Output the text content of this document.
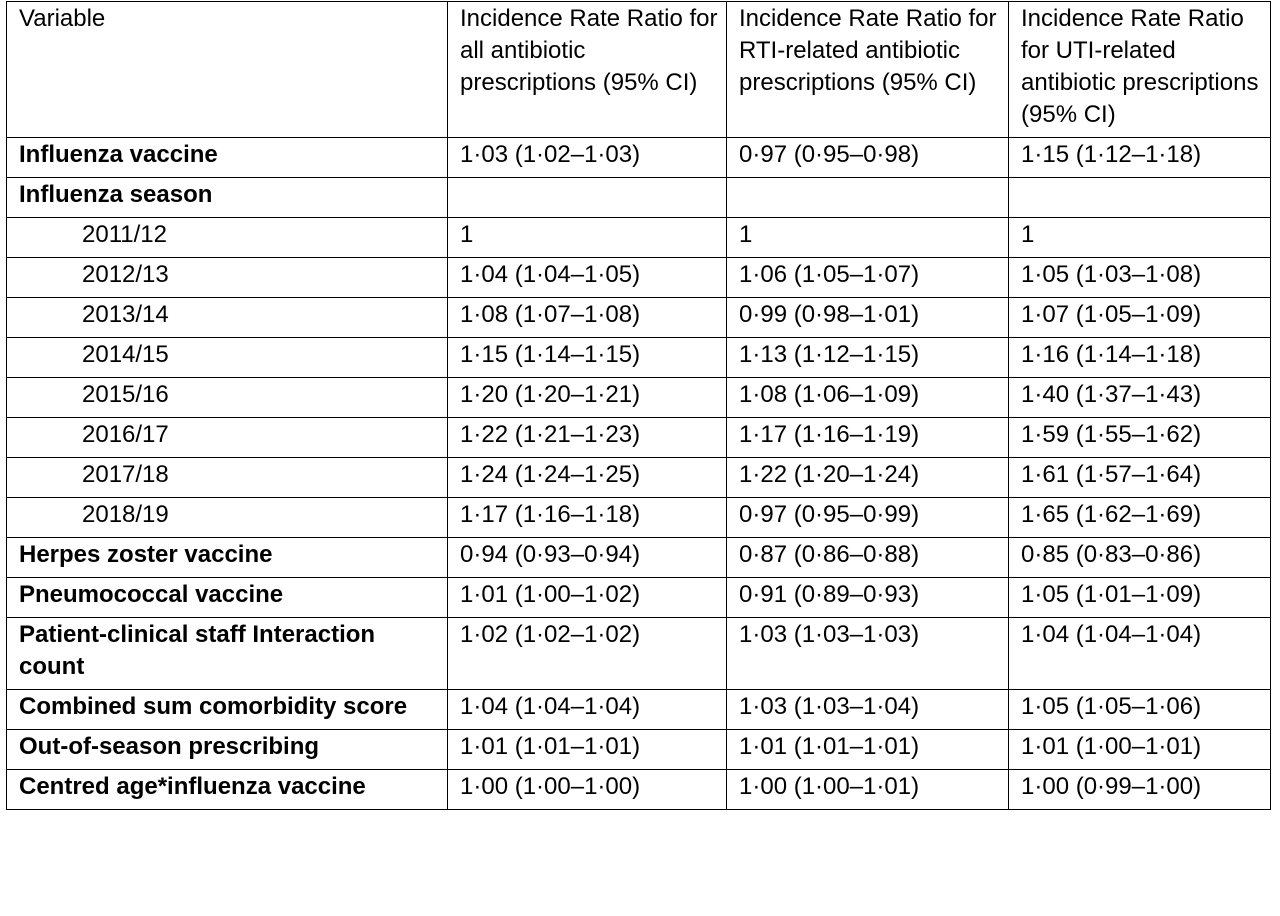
Variable	Incidence Rate Ratio for all antibiotic prescriptions (95% CI)	Incidence Rate Ratio for RTI-related antibiotic prescriptions (95% CI)	Incidence Rate Ratio for UTI-related antibiotic prescriptions (95% CI)
Influenza vaccine	1·03 (1·02–1·03)	0·97 (0·95–0·98)	1·15 (1·12–1·18)
Influenza season			
2011/12	1	1	1
2012/13	1·04 (1·04–1·05)	1·06 (1·05–1·07)	1·05 (1·03–1·08)
2013/14	1·08 (1·07–1·08)	0·99 (0·98–1·01)	1·07 (1·05–1·09)
2014/15	1·15 (1·14–1·15)	1·13 (1·12–1·15)	1·16 (1·14–1·18)
2015/16	1·20 (1·20–1·21)	1·08 (1·06–1·09)	1·40 (1·37–1·43)
2016/17	1·22 (1·21–1·23)	1·17 (1·16–1·19)	1·59 (1·55–1·62)
2017/18	1·24 (1·24–1·25)	1·22 (1·20–1·24)	1·61 (1·57–1·64)
2018/19	1·17 (1·16–1·18)	0·97 (0·95–0·99)	1·65 (1·62–1·69)
Herpes zoster vaccine	0·94 (0·93–0·94)	0·87 (0·86–0·88)	0·85 (0·83–0·86)
Pneumococcal vaccine	1·01 (1·00–1·02)	0·91 (0·89–0·93)	1·05 (1·01–1·09)
Patient-clinical staff Interaction count	1·02 (1·02–1·02)	1·03 (1·03–1·03)	1·04 (1·04–1·04)
Combined sum comorbidity score	1·04 (1·04–1·04)	1·03 (1·03–1·04)	1·05 (1·05–1·06)
Out-of-season prescribing	1·01 (1·01–1·01)	1·01 (1·01–1·01)	1·01 (1·00–1·01)
Centred age*influenza vaccine	1·00 (1·00–1·00)	1·00 (1·00–1·01)	1·00 (0·99–1·00)
